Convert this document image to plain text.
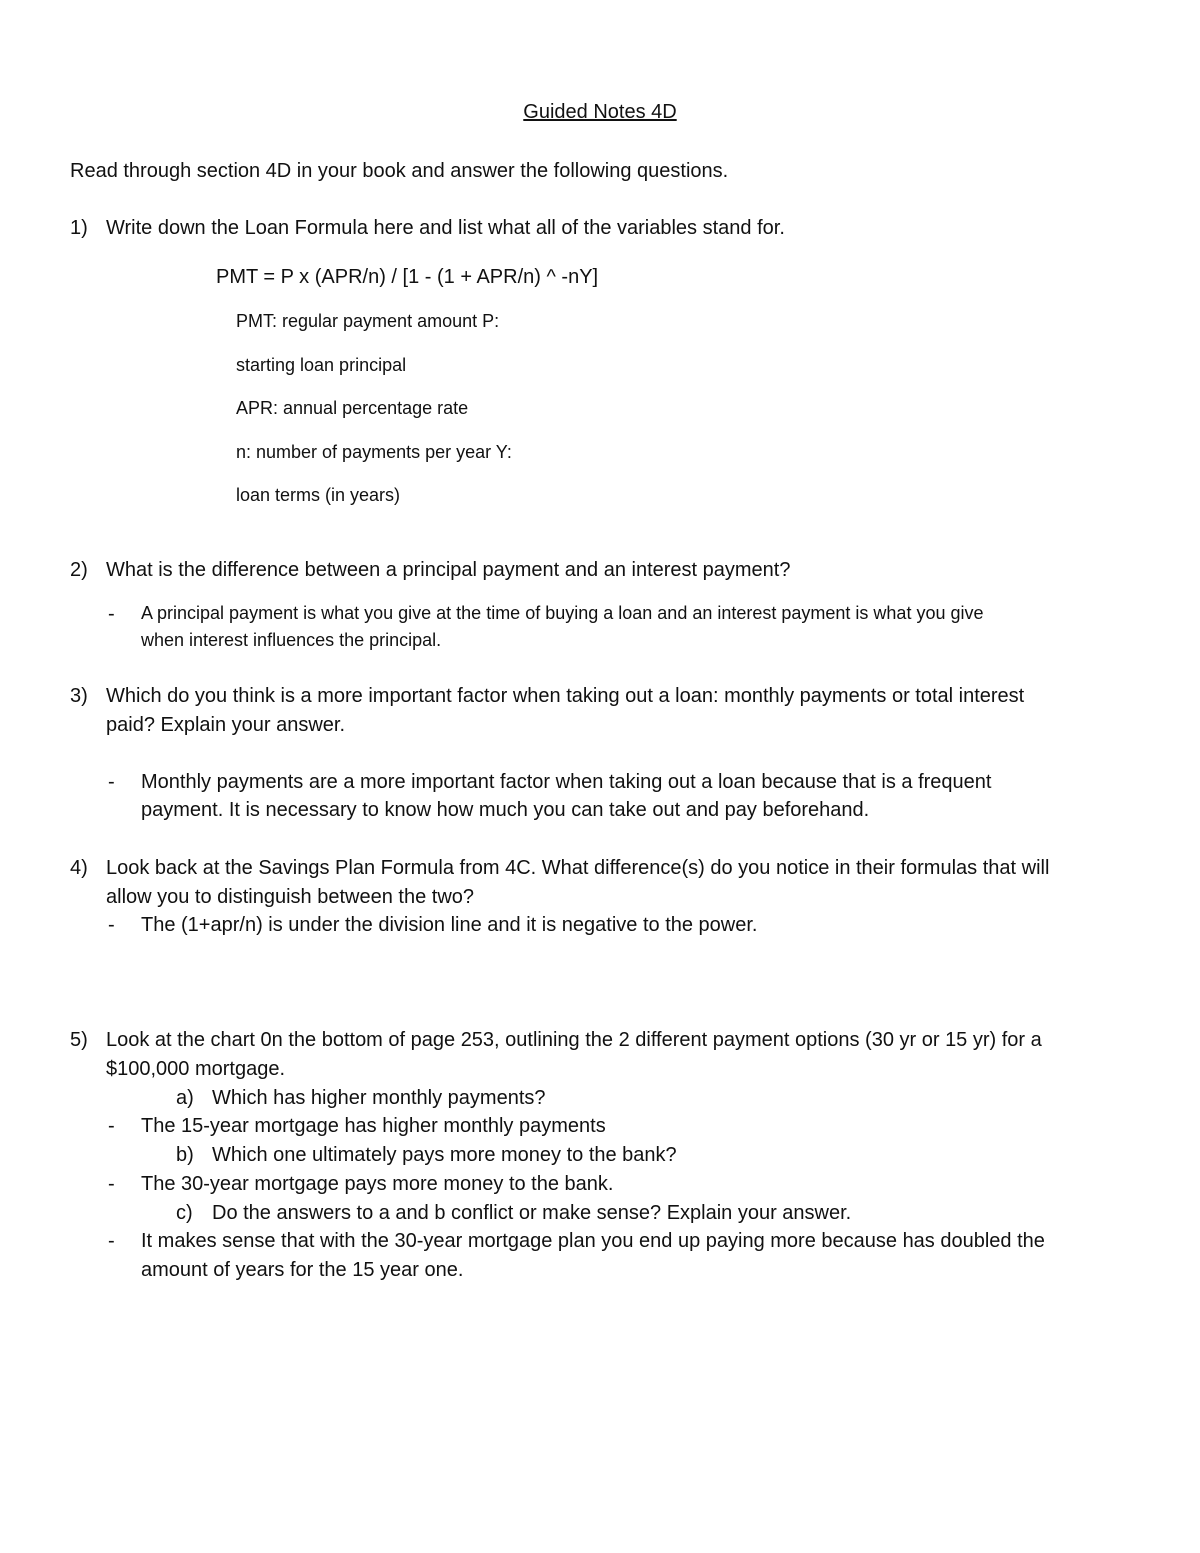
Guided Notes 4D
Read through section 4D in your book and answer the following questions.
1) Write down the Loan Formula here and list what all of the variables stand for.
PMT = P x (APR/n) / [1 - (1 + APR/n) ^ -nY]
PMT: regular payment amount P:
starting loan principal
APR: annual percentage rate
n: number of payments per year Y:
loan terms (in years)
2) What is the difference between a principal payment and an interest payment?
- A principal payment is what you give at the time of buying a loan and an interest payment is what you give
when interest influences the principal.
3) Which do you think is a more important factor when taking out a loan: monthly payments or total interest
paid? Explain your answer.
- Monthly payments are a more important factor when taking out a loan because that is a frequent
payment. It is necessary to know how much you can take out and pay beforehand.
4) Look back at the Savings Plan Formula from 4C. What difference(s) do you notice in their formulas that will
allow you to distinguish between the two?
- The (1+apr/n) is under the division line and it is negative to the power.
5) Look at the chart 0n the bottom of page 253, outlining the 2 different payment options (30 yr or 15 yr) for a
$100,000 mortgage.
a) Which has higher monthly payments?
- The 15-year mortgage has higher monthly payments
b) Which one ultimately pays more money to the bank?
- The 30-year mortgage pays more money to the bank.
c) Do the answers to a and b conflict or make sense? Explain your answer.
- It makes sense that with the 30-year mortgage plan you end up paying more because has doubled the
amount of years for the 15 year one.
